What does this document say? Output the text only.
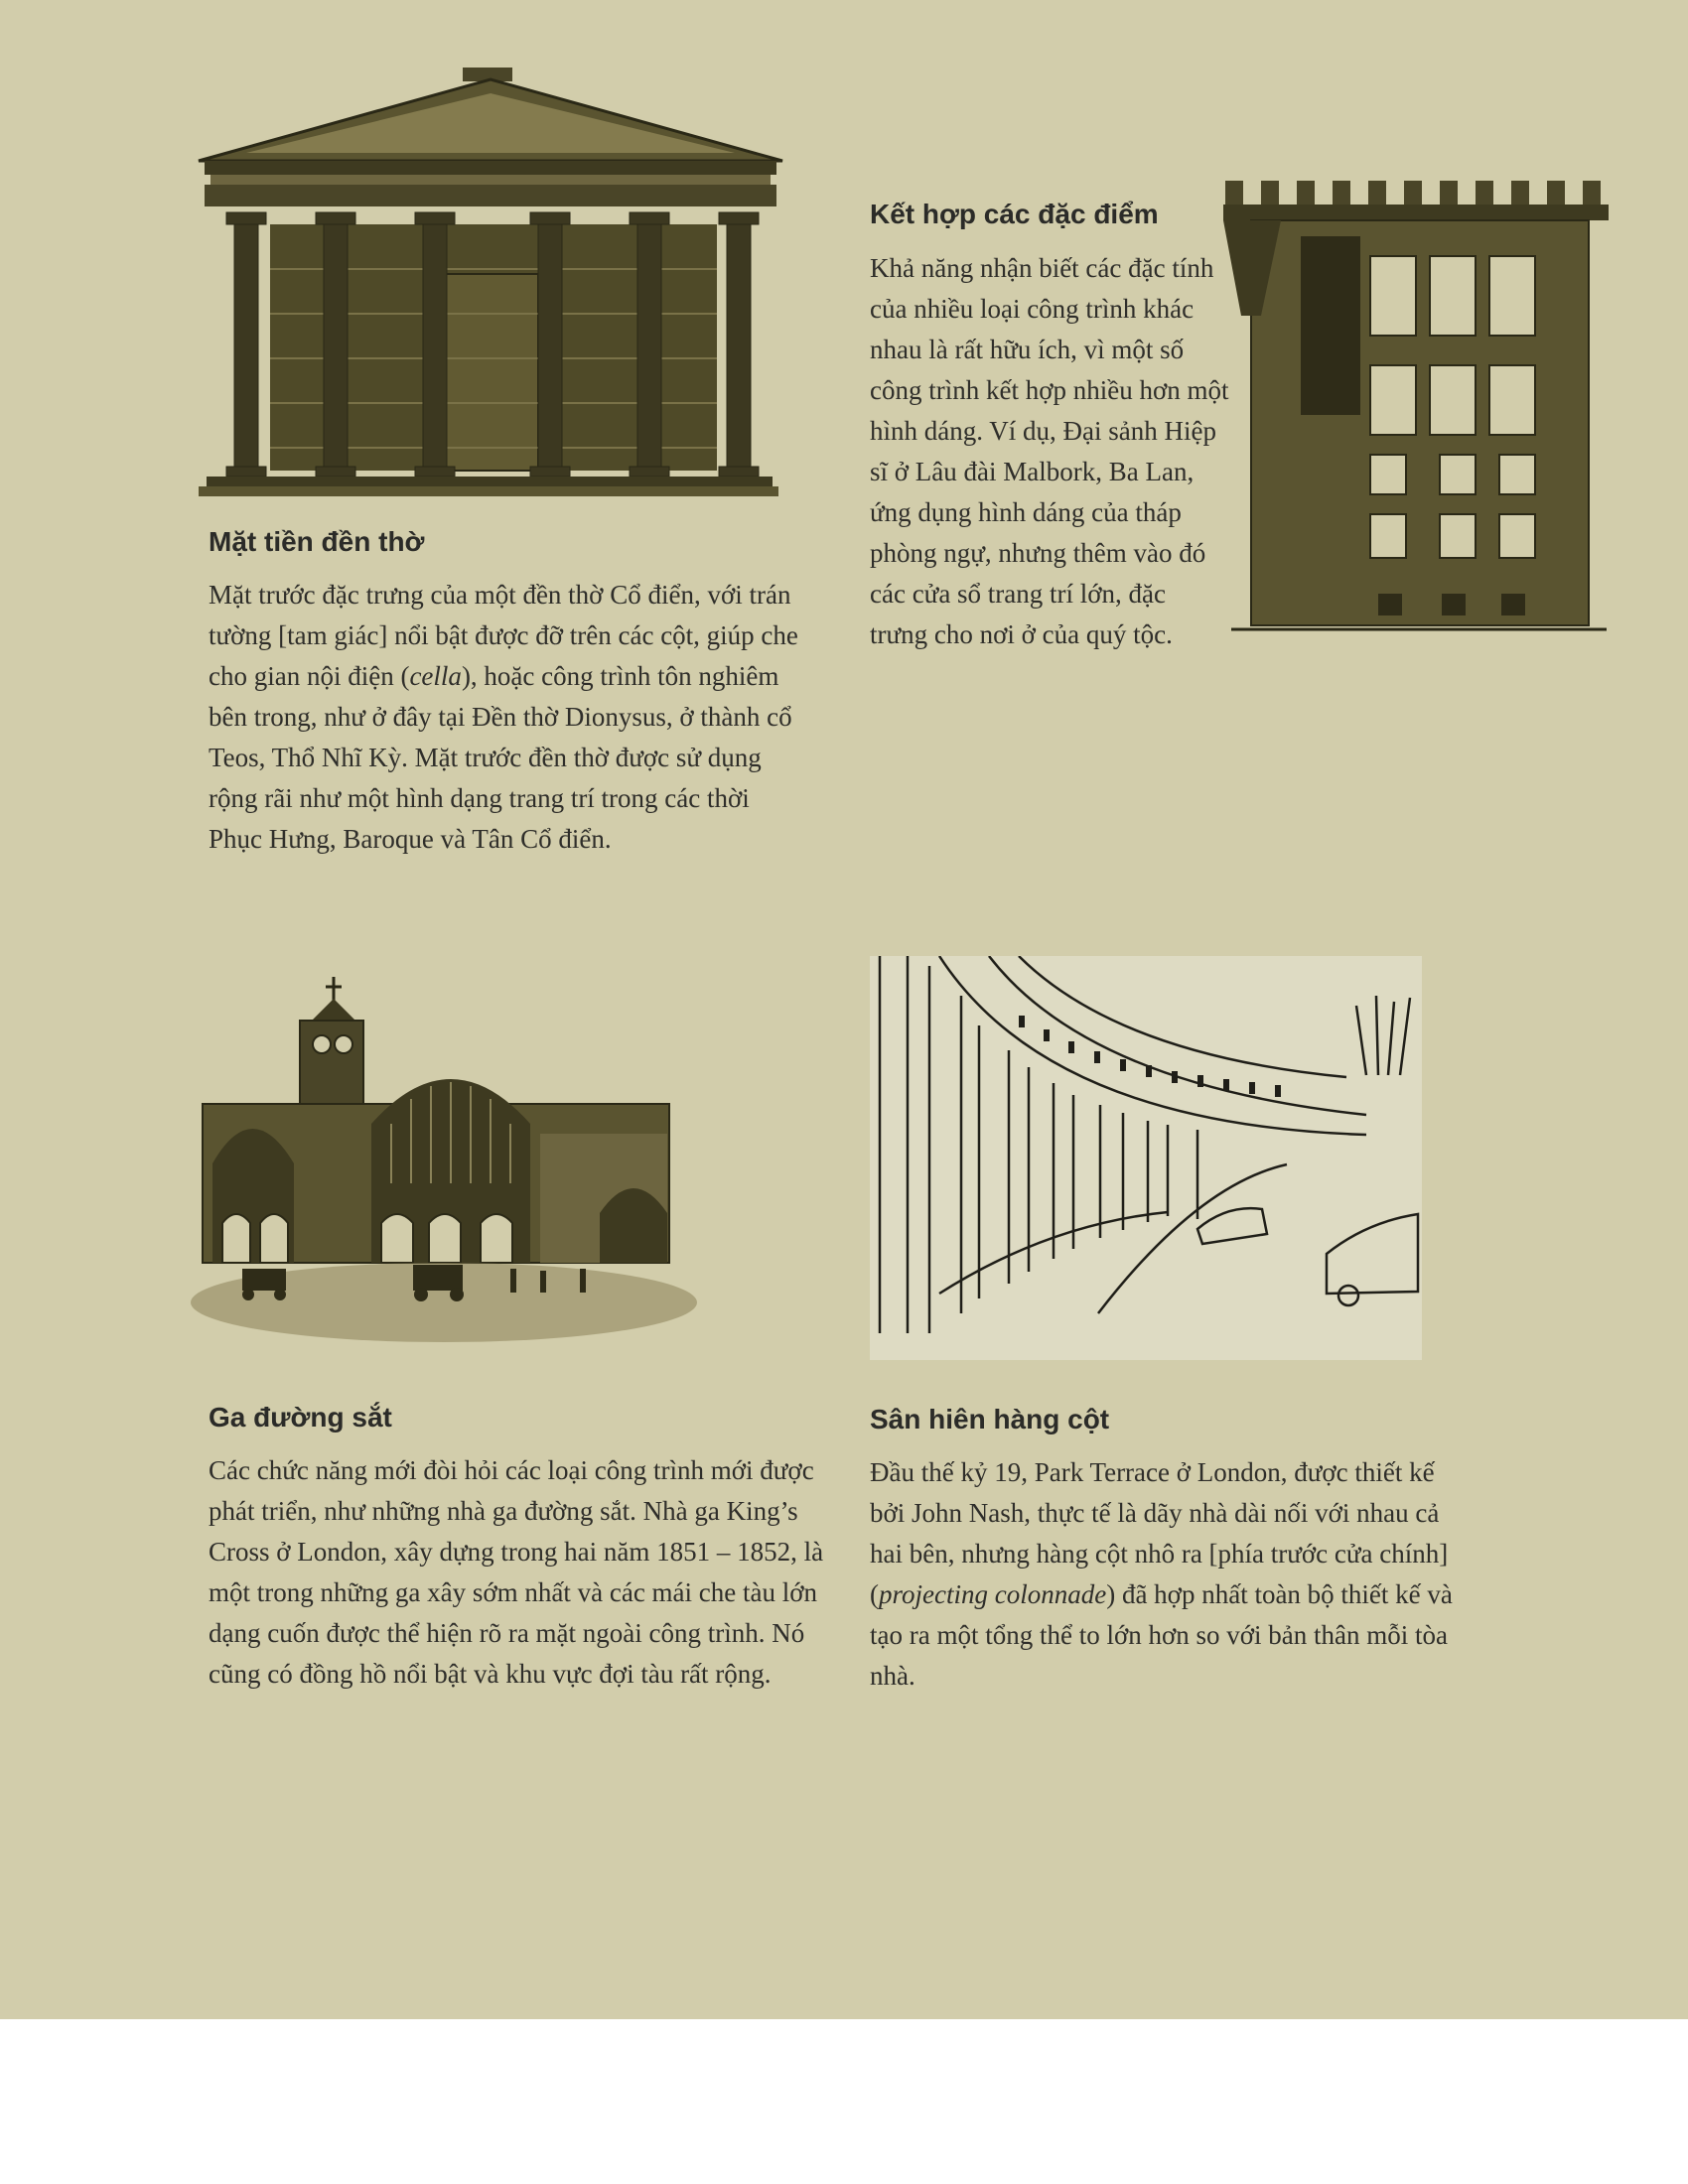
Mặt tiền đền thờ

Mặt trước đặc trưng của một đền thờ Cổ điển, với trán tường [tam giác] nổi bật được đỡ trên các cột, giúp che cho gian nội điện (cella), hoặc công trình tôn nghiêm bên trong, như ở đây tại Đền thờ Dionysus, ở thành cổ Teos, Thổ Nhĩ Kỳ. Mặt trước đền thờ được sử dụng rộng rãi như một hình dạng trang trí trong các thời Phục Hưng, Baroque và Tân Cổ điển.

Kết hợp các đặc điểm

Khả năng nhận biết các đặc tính của nhiều loại công trình khác nhau là rất hữu ích, vì một số công trình kết hợp nhiều hơn một hình dáng. Ví dụ, Đại sảnh Hiệp sĩ ở Lâu đài Malbork, Ba Lan, ứng dụng hình dáng của tháp phòng ngự, nhưng thêm vào đó các cửa sổ trang trí lớn, đặc trưng cho nơi ở của quý tộc.

Ga đường sắt

Các chức năng mới đòi hỏi các loại công trình mới được phát triển, như những nhà ga đường sắt. Nhà ga King’s Cross ở London, xây dựng trong hai năm 1851 – 1852, là một trong những ga xây sớm nhất và các mái che tàu lớn dạng cuốn được thể hiện rõ ra mặt ngoài công trình. Nó cũng có đồng hồ nổi bật và khu vực đợi tàu rất rộng.

Sân hiên hàng cột

Đầu thế kỷ 19, Park Terrace ở London, được thiết kế bởi John Nash, thực tế là dãy nhà dài nối với nhau cả hai bên, nhưng hàng cột nhô ra [phía trước cửa chính] (projecting colonnade) đã hợp nhất toàn bộ thiết kế và tạo ra một tổng thể to lớn hơn so với bản thân mỗi tòa nhà.
